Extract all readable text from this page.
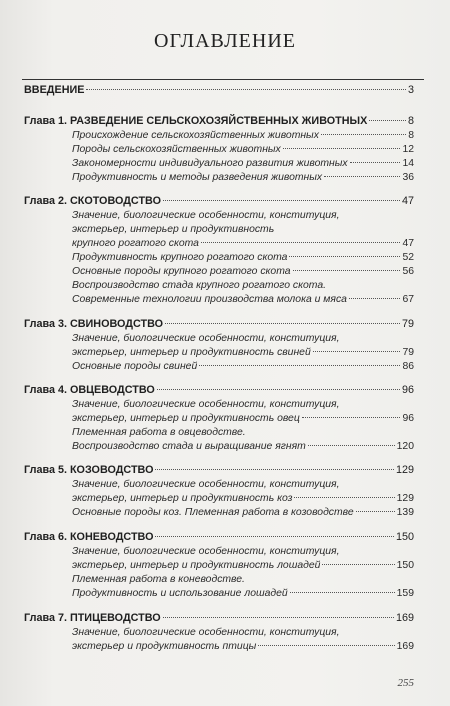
ОГЛАВЛЕНИЕ
ВВЕДЕНИЕ	3
Глава 1. РАЗВЕДЕНИЕ СЕЛЬСКОХОЗЯЙСТВЕННЫХ ЖИВОТНЫХ	8
Происхождение сельскохозяйственных животных	8
Породы сельскохозяйственных животных	12
Закономерности индивидуального развития животных	14
Продуктивность и методы разведения животных	36
Глава 2. СКОТОВОДСТВО	47
Значение, биологические особенности, конституция,
экстерьер, интерьер и продуктивность
крупного рогатого скота	47
Продуктивность крупного рогатого скота	52
Основные породы крупного рогатого скота	56
Воспроизводство стада крупного рогатого скота.
Современные технологии производства молока и мяса	67
Глава 3. СВИНОВОДСТВО	79
Значение, биологические особенности, конституция,
экстерьер, интерьер и продуктивность свиней	79
Основные породы свиней	86
Глава 4. ОВЦЕВОДСТВО	96
Значение, биологические особенности, конституция,
экстерьер, интерьер и продуктивность овец	96
Племенная работа в овцеводстве.
Воспроизводство стада и выращивание ягнят	120
Глава 5. КОЗОВОДСТВО	129
Значение, биологические особенности, конституция,
экстерьер, интерьер и продуктивность коз	129
Основные породы коз. Племенная работа в козоводстве	139
Глава 6. КОНЕВОДСТВО	150
Значение, биологические особенности, конституция,
экстерьер, интерьер и продуктивность лошадей	150
Племенная работа в коневодстве.
Продуктивность и использование лошадей	159
Глава 7. ПТИЦЕВОДСТВО	169
Значение, биологические особенности, конституция,
экстерьер и продуктивность птицы	169
255
